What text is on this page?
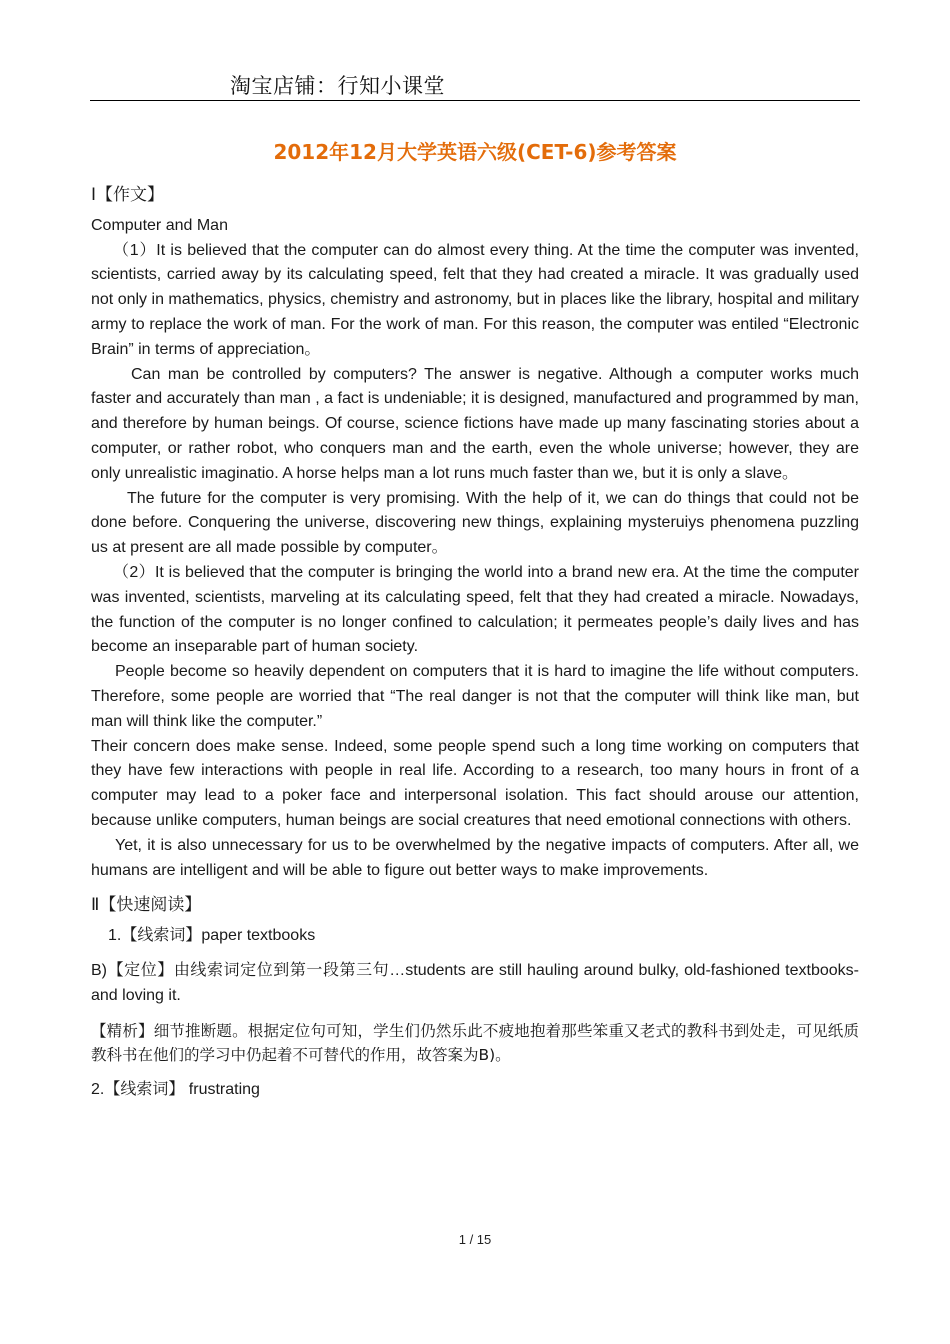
淘宝店铺：行知小课堂
2012年12月大学英语六级(CET-6)参考答案

Ⅰ【作文】

Computer and Man

（1）It is believed that the computer can do almost every thing. At the time the computer was invented, scientists, carried away by its calculating speed, felt that they had created a miracle. It was gradually used not only in mathematics, physics, chemistry and astronomy, but in places like the library, hospital and military army to replace the work of man. For the work of man. For this reason, the computer was entiled “Electronic Brain” in terms of appreciation。

Can man be controlled by computers? The answer is negative. Although a computer works much faster and accurately than man , a fact is undeniable; it is designed, manufactured and programmed by man, and therefore by human beings. Of course, science fictions have made up many fascinating stories about a computer, or rather robot, who conquers man and the earth, even the whole universe; however, they are only unrealistic imaginatio. A horse helps man a lot runs much faster than we, but it is only a slave。

The future for the computer is very promising. With the help of it, we can do things that could not be done before. Conquering the universe, discovering new things, explaining mysteruiys phenomena puzzling us at present are all made possible by computer。

（2）It is believed that the computer is bringing the world into a brand new era. At the time the computer was invented, scientists, marveling at its calculating speed, felt that they had created a miracle. Nowadays, the function of the computer is no longer confined to calculation; it permeates people’s daily lives and has become an inseparable part of human society.

People become so heavily dependent on computers that it is hard to imagine the life without computers. Therefore, some people are worried that “The real danger is not that the computer will think like man, but man will think like the computer.”

Their concern does make sense. Indeed, some people spend such a long time working on computers that they have few interactions with people in real life. According to a research, too many hours in front of a computer may lead to a poker face and interpersonal isolation. This fact should arouse our attention, because unlike computers, human beings are social creatures that need emotional connections with others.

Yet, it is also unnecessary for us to be overwhelmed by the negative impacts of computers. After all, we humans are intelligent and will be able to figure out better ways to make improvements.

Ⅱ【快速阅读】

1.【线索词】paper textbooks

B)【定位】由线索词定位到第一段第三句…students are still hauling around bulky, old-fashioned textbooks-and loving it.

【精析】细节推断题。根据定位句可知，学生们仍然乐此不疲地抱着那些笨重又老式的教科书到处走，可见纸质教科书在他们的学习中仍起着不可替代的作用，故答案为B)。

2.【线索词】 frustrating

1 / 15
